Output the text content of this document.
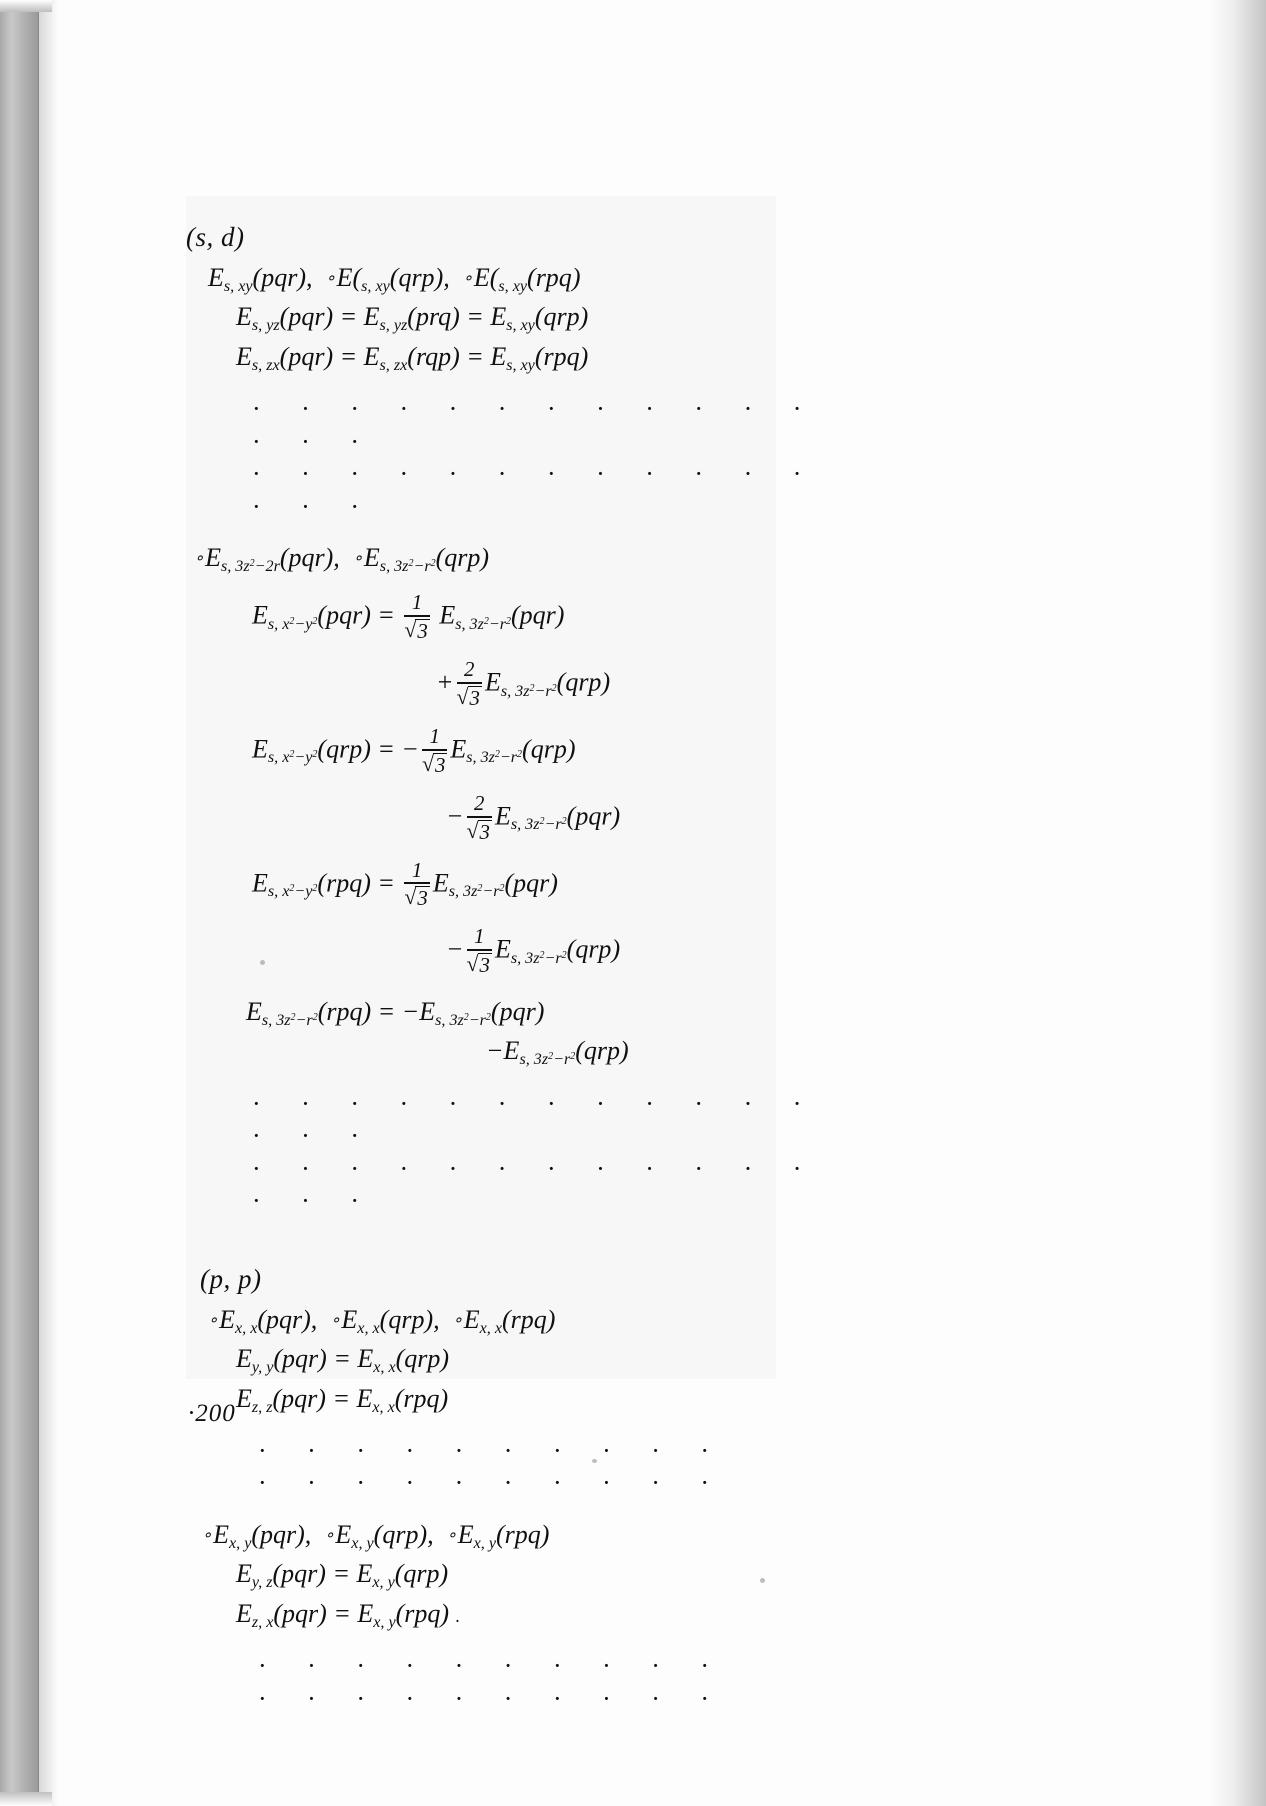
(s, d)
$E_{s, xy}(pqr)$,  $\circ E(_{s, xy}(qrp)$,  $\circ E(_{s, xy}(rpq)$
$E_{s, yz}(pqr) = E_{s, yz}(prq) = E_{s, xy}(qrp)$
$E_{s, zx}(pqr) = E_{s, zx}(rqp) = E_{s, xy}(rpq)$
· · · · · · · · · · · · · · ·
· · · · · · · · · · · · · · ·
$\circ E_{s, 3z^2-2r}(pqr)$,  $\circ E_{s, 3z^2-r^2}(qrp)$
$E_{s, x^2-y^2}(pqr) = 1$
√ 3 $E_{s, 3z^2-r^2}(pqr)$
+ 2
√ 3 $E_{s, 3z^2-r^2}(qrp)$
$E_{s, x^2-y^2}(qrp)$ = − 1
√ 3 $E_{s, 3z^2-r^2}(qrp)$
− 2
√ 3 $E_{s, 3z^2-r^2}(pqr)$
$E_{s, x^2-y^2}(rpq) = 1$
√ 3 $E_{s, 3z^2-r^2}(pqr)$
− 1
√ 3 $E_{s, 3z^2-r^2}(qrp)$
$E_{s, 3z^2-r^2}(rpq) = -E_{s, 3z^2-r^2}(pqr)$
$-E_{s, 3z^2-r^2}(qrp)$
· · · · · · · · · · · · · · ·
· · · · · · · · · · · · · · ·
(p, p)
$\circ E_{x, x}(pqr)$,  $\circ E_{x, x}(qrp)$,  $\circ E_{x, x}(rpq)$
$E_{y, y}(pqr) = E_{x, x}(qrp)$
$E_{z, z}(pqr) = E_{x, x}(rpq)$
· · · · · · · · · ·
· · · · · · · · · ·
$\circ E_{x, y}(pqr)$,  $\circ E_{x, y}(qrp)$,  $\circ E_{x, y}(rpq)$
$E_{y, z}(pqr) = E_{x, y}(qrp)$
$E_{z, x}(pqr) = E_{x, y}(rpq)$ .
· · · · · · · · · ·
· · · · · · · · · ·
·200
